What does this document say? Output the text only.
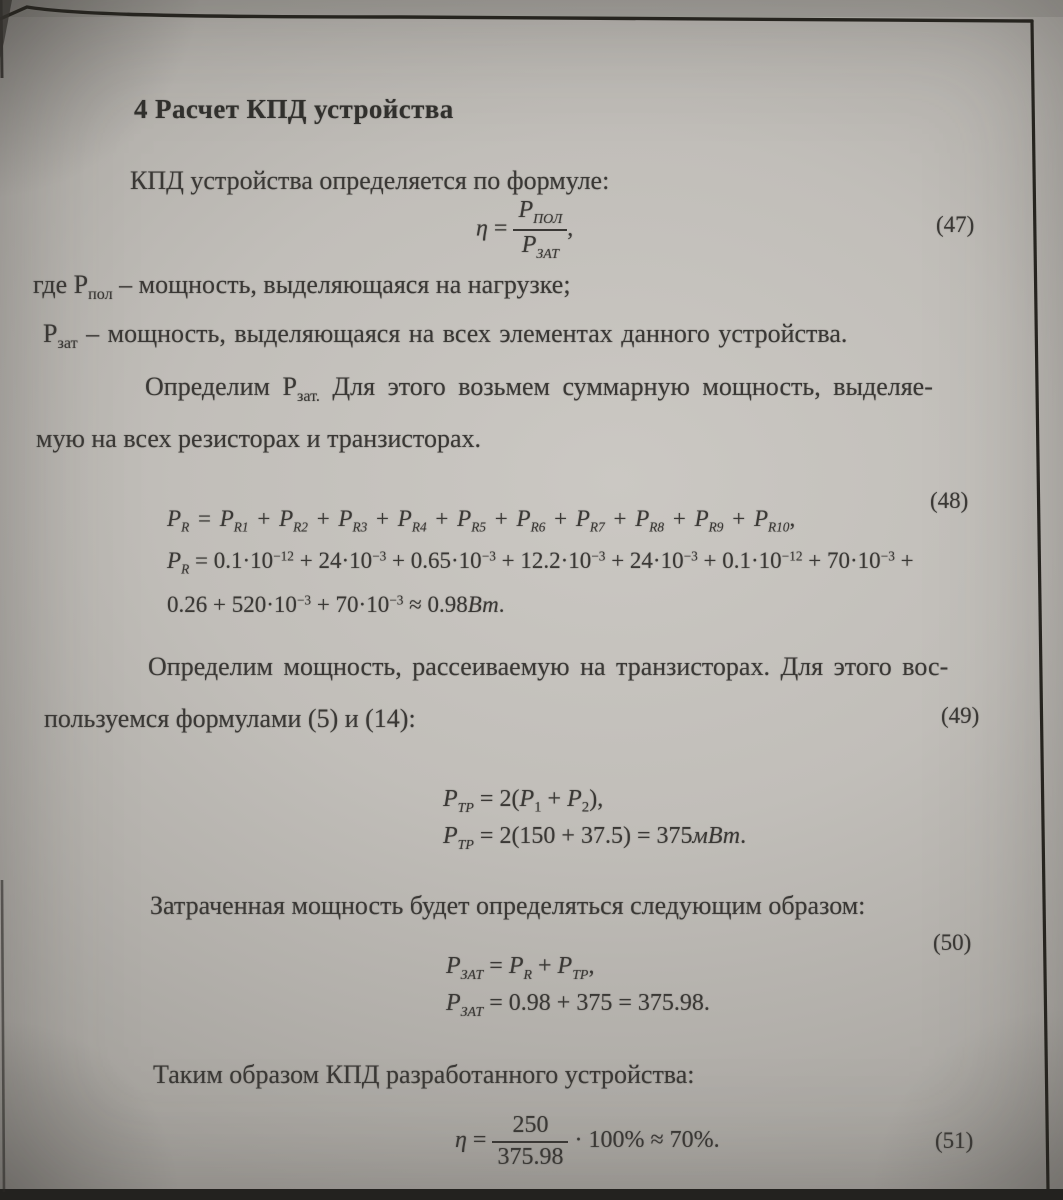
4 Расчет КПД устройства
КПД устройства определяется по формуле:
$\eta = \frac{P_{ПОЛ}}{P_{ЗАТ}}$ ,	(47)
где $Р_{пол}$ – мощность, выделяющаяся на нагрузке;
$Р_{зат}$ – мощность, выделяющаяся на всех элементах данного устройства.
Определим $Р_{зат.}$ Для этого возьмем суммарную мощность, выделяе-
мую на всех резисторах и транзисторах.
(48)
$P_R = P_{R1} + P_{R2} + P_{R3} + P_{R4} + P_{R5} + P_{R6} + P_{R7} + P_{R8} + P_{R9} + P_{R10}$,
$P_R = 0.1\cdot 10^{-12} + 24\cdot 10^{-3} + 0.65\cdot 10^{-3} + 12.2\cdot 10^{-3} + 24\cdot 10^{-3} + 0.1\cdot 10^{-12} + 70\cdot 10^{-3}$ +
$0.26 + 520\cdot 10^{-3} + 70\cdot 10^{-3} \approx 0.98Вт$.
Определим мощность, рассеиваемую на транзисторах. Для этого вос-
пользуемся формулами (5) и (14):	(49)
$P_{ТР} = 2(P_1 + P_2)$,
$P_{ТР} = 2(150 + 37.5) = 375мВт$.
Затраченная мощность будет определяться следующим образом:
(50)
$P_{ЗАТ} = P_R + P_{ТР}$,
$P_{ЗАТ} = 0.98 + 375 = 375.98$.
Таким образом КПД разработанного устройства:
$\eta = \frac{250}{375.98} \cdot 100\% \approx 70\%$.	(51)
